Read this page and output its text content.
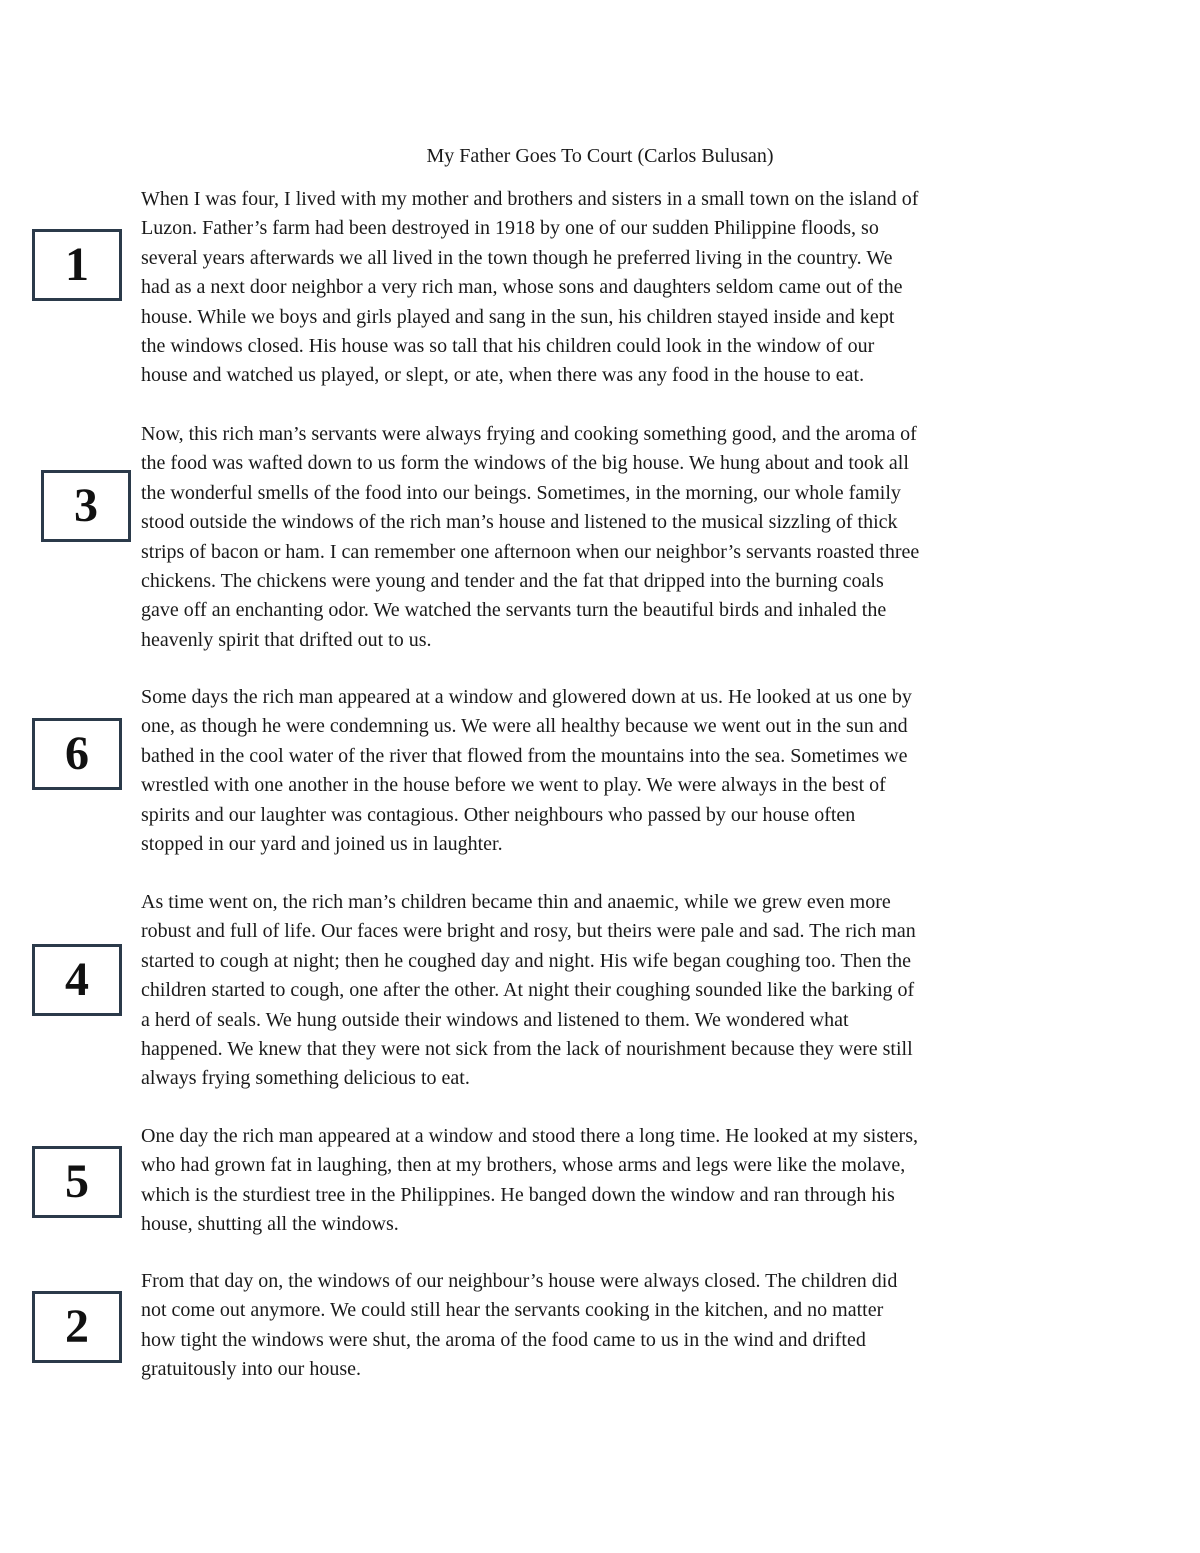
My Father Goes To Court (Carlos Bulusan)
1

When I was four, I lived with my mother and brothers and sisters in a small town on the island of
Luzon. Father’s farm had been destroyed in 1918 by one of our sudden Philippine floods, so
several years afterwards we all lived in the town though he preferred living in the country. We
had as a next door neighbor a very rich man, whose sons and daughters seldom came out of the
house. While we boys and girls played and sang in the sun, his children stayed inside and kept
the windows closed. His house was so tall that his children could look in the window of our
house and watched us played, or slept, or ate, when there was any food in the house to eat.

3

Now, this rich man’s servants were always frying and cooking something good, and the aroma of
the food was wafted down to us form the windows of the big house. We hung about and took all
the wonderful smells of the food into our beings. Sometimes, in the morning, our whole family
stood outside the windows of the rich man’s house and listened to the musical sizzling of thick
strips of bacon or ham. I can remember one afternoon when our neighbor’s servants roasted three
chickens. The chickens were young and tender and the fat that dripped into the burning coals
gave off an enchanting odor. We watched the servants turn the beautiful birds and inhaled the
heavenly spirit that drifted out to us.

6

Some days the rich man appeared at a window and glowered down at us. He looked at us one by
one, as though he were condemning us. We were all healthy because we went out in the sun and
bathed in the cool water of the river that flowed from the mountains into the sea. Sometimes we
wrestled with one another in the house before we went to play. We were always in the best of
spirits and our laughter was contagious. Other neighbours who passed by our house often
stopped in our yard and joined us in laughter.

4

As time went on, the rich man’s children became thin and anaemic, while we grew even more
robust and full of life. Our faces were bright and rosy, but theirs were pale and sad. The rich man
started to cough at night; then he coughed day and night. His wife began coughing too. Then the
children started to cough, one after the other. At night their coughing sounded like the barking of
a herd of seals. We hung outside their windows and listened to them. We wondered what
happened. We knew that they were not sick from the lack of nourishment because they were still
always frying something delicious to eat.

5

One day the rich man appeared at a window and stood there a long time. He looked at my sisters,
who had grown fat in laughing, then at my brothers, whose arms and legs were like the molave,
which is the sturdiest tree in the Philippines. He banged down the window and ran through his
house, shutting all the windows.

2

From that day on, the windows of our neighbour’s house were always closed. The children did
not come out anymore. We could still hear the servants cooking in the kitchen, and no matter
how tight the windows were shut, the aroma of the food came to us in the wind and drifted
gratuitously into our house.
